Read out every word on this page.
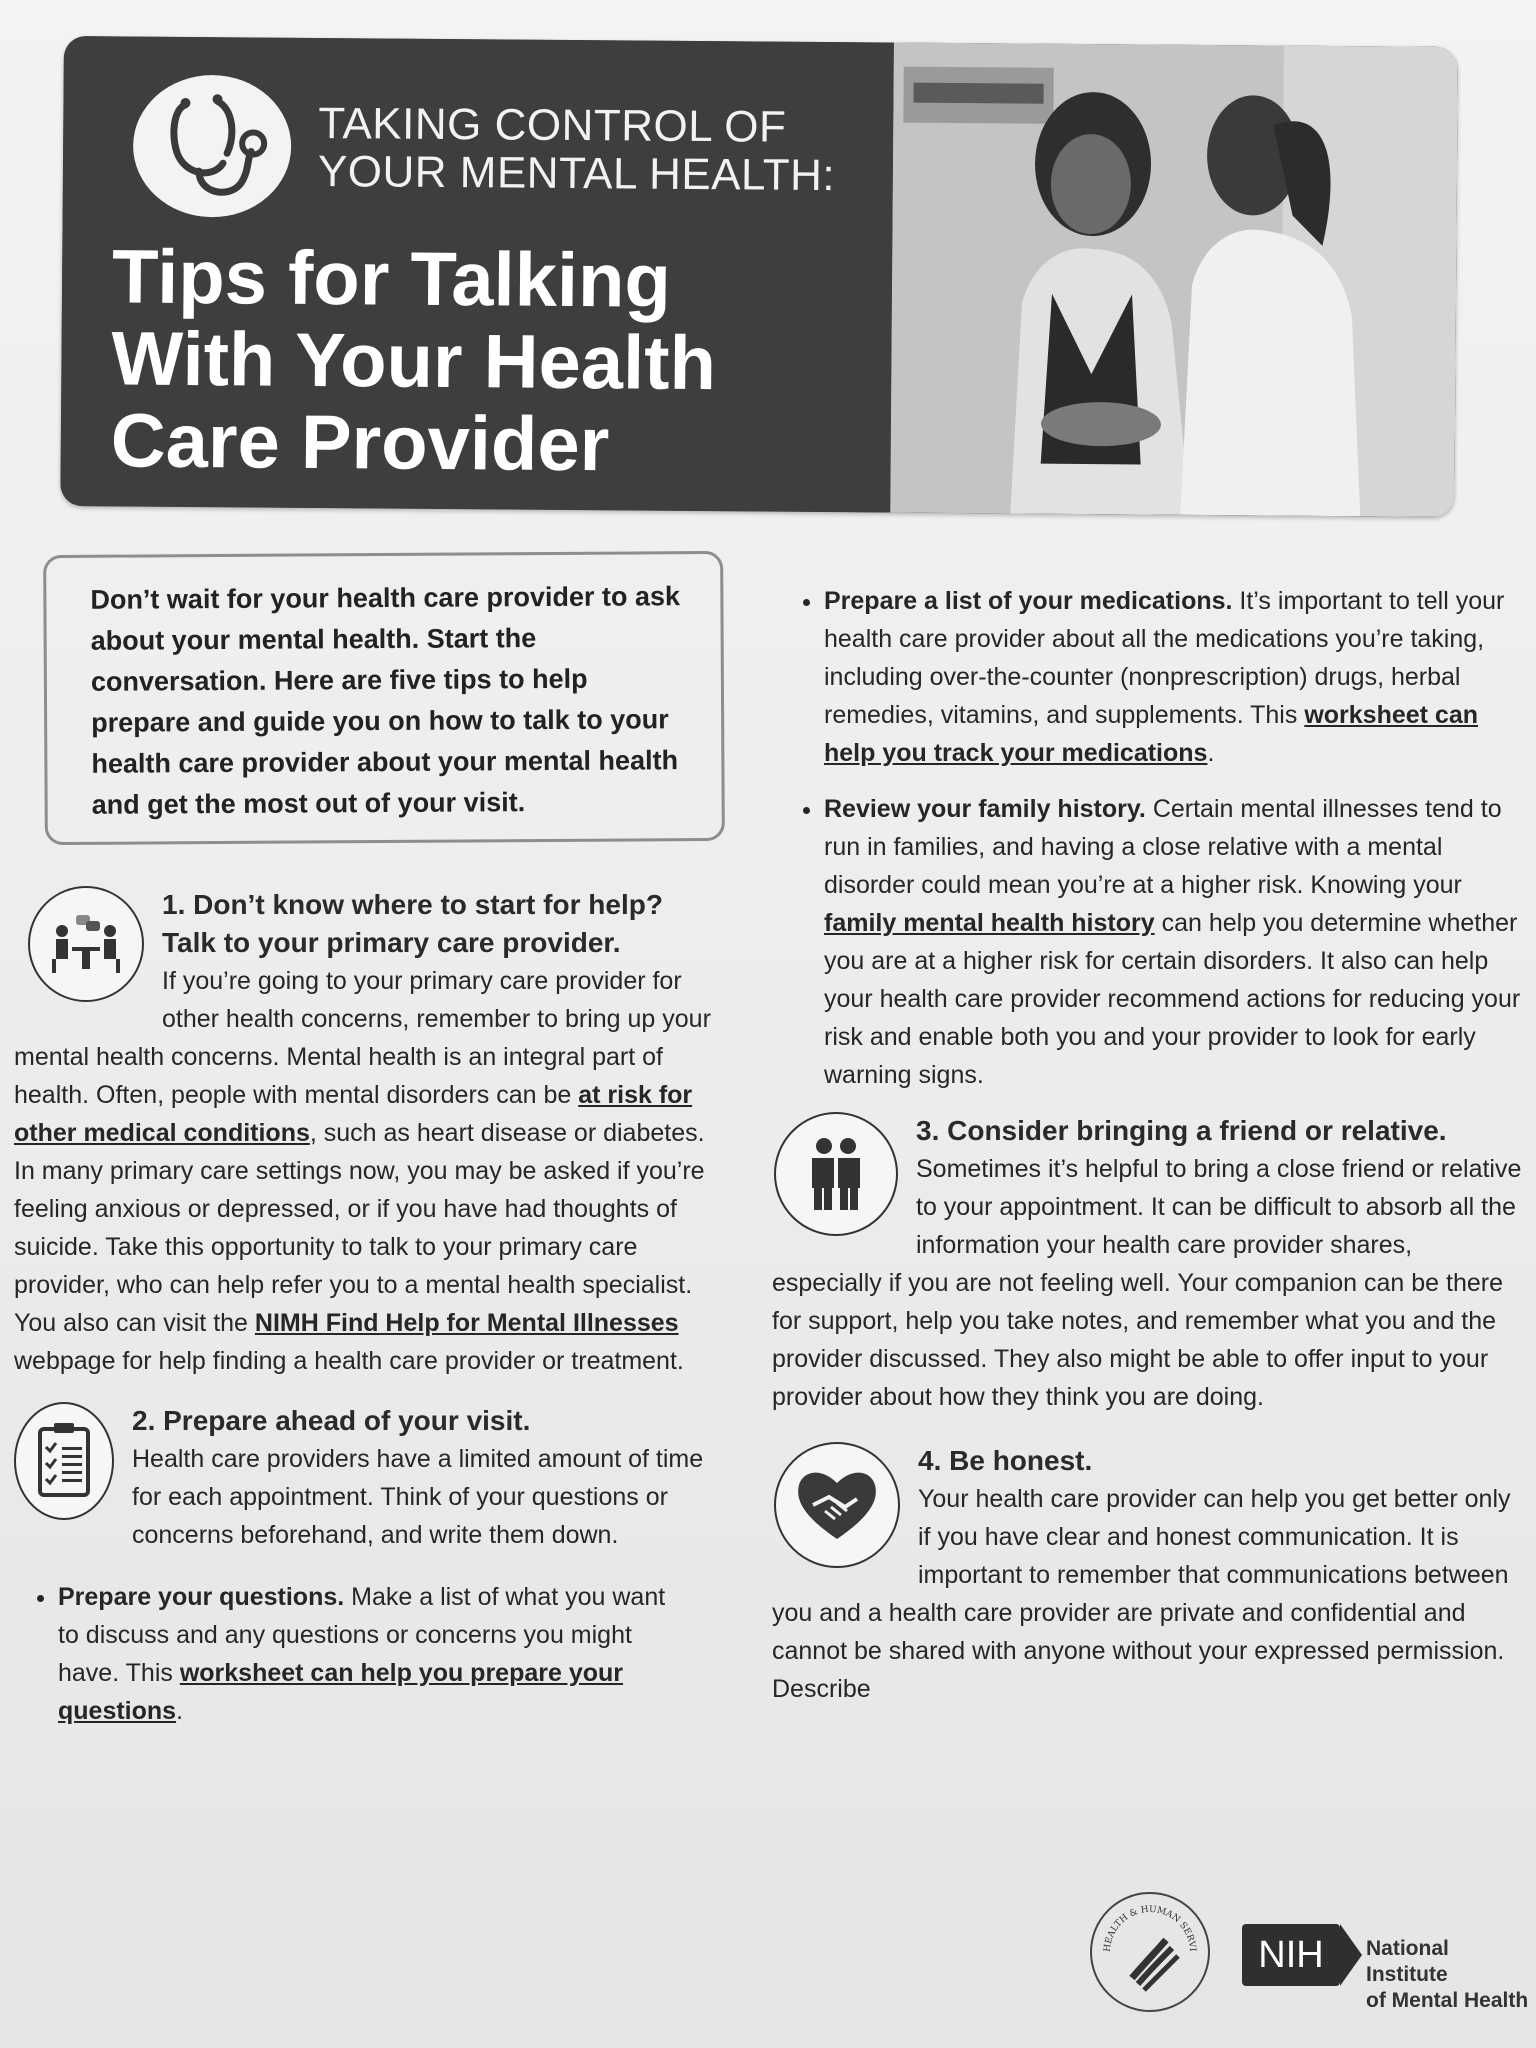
TAKING CONTROL OF
YOUR MENTAL HEALTH:
Tips for Talking
With Your Health
Care Provider
Don’t wait for your health care provider to ask about your mental health. Start the conversation. Here are five tips to help prepare and guide you on how to talk to your health care provider about your mental health and get the most out of your visit.
1. Don’t know where to start for help?
Talk to your primary care provider.
If you’re going to your primary care provider for other health concerns, remember to bring up your mental health concerns. Mental health is an integral part of health. Often, people with mental disorders can be at risk for other medical conditions, such as heart disease or diabetes. In many primary care settings now, you may be asked if you’re feeling anxious or depressed, or if you have had thoughts of suicide. Take this opportunity to talk to your primary care provider, who can help refer you to a mental health specialist. You also can visit the NIMH Find Help for Mental Illnesses webpage for help finding a health care provider or treatment.
2. Prepare ahead of your visit.
Health care providers have a limited amount of time for each appointment. Think of your questions or concerns beforehand, and write them down.
• Prepare your questions. Make a list of what you want to discuss and any questions or concerns you might have. This worksheet can help you prepare your questions.
• Prepare a list of your medications. It’s important to tell your health care provider about all the medications you’re taking, including over-the-counter (nonprescription) drugs, herbal remedies, vitamins, and supplements. This worksheet can help you track your medications.
• Review your family history. Certain mental illnesses tend to run in families, and having a close relative with a mental disorder could mean you’re at a higher risk. Knowing your family mental health history can help you determine whether you are at a higher risk for certain disorders. It also can help your health care provider recommend actions for reducing your risk and enable both you and your provider to look for early warning signs.
3. Consider bringing a friend or relative.
Sometimes it’s helpful to bring a close friend or relative to your appointment. It can be difficult to absorb all the information your health care provider shares, especially if you are not feeling well. Your companion can be there for support, help you take notes, and remember what you and the provider discussed. They also might be able to offer input to your provider about how they think you are doing.
4. Be honest.
Your health care provider can help you get better only if you have clear and honest communication. It is important to remember that communications between you and a health care provider are private and confidential and cannot be shared with anyone without your expressed permission. Describe
HEALTH & HUMAN SERVI	NIH	National Institute
of Mental Health
